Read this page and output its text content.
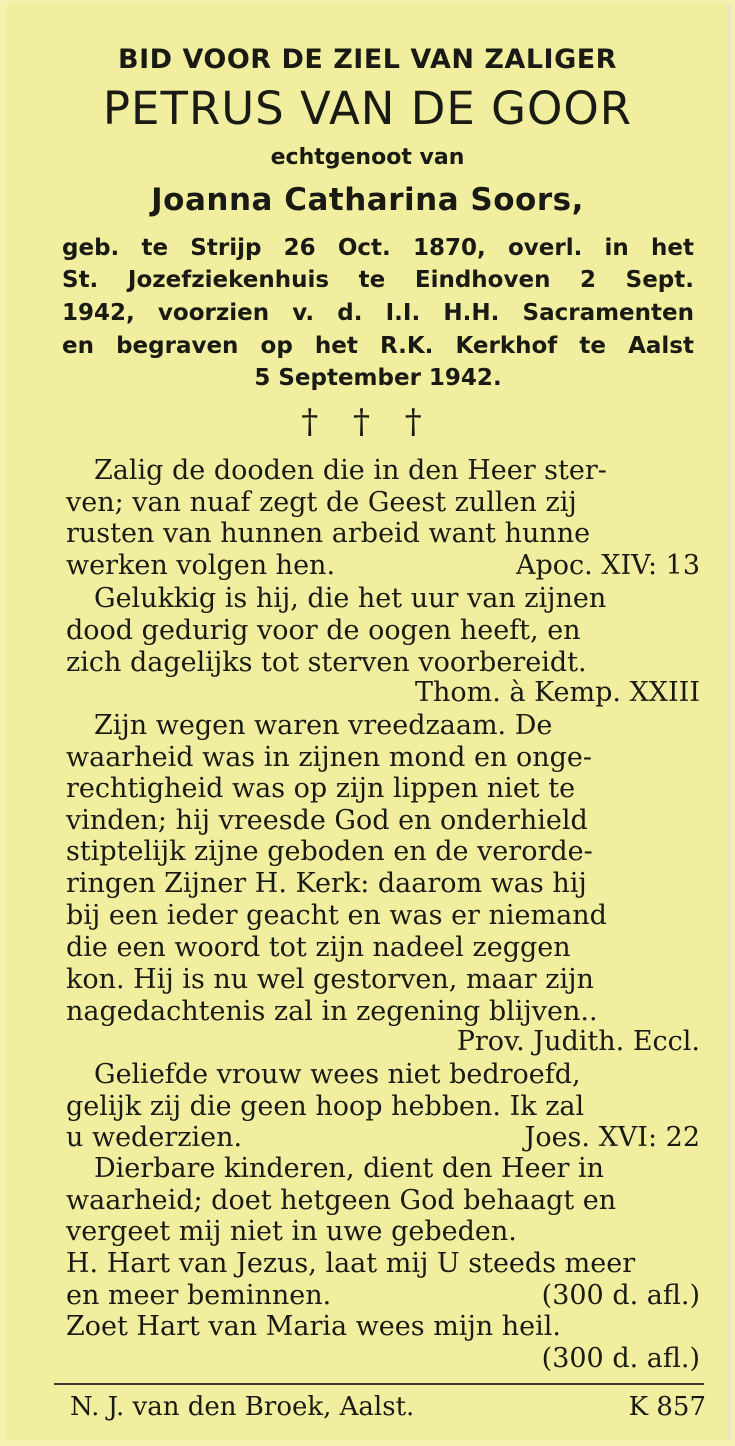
BID VOOR DE ZIEL VAN ZALIGER
PETRUS VAN DE GOOR
echtgenoot van
Joanna Catharina Soors,
geb. te Strijp 26 Oct. 1870, overl. in het
St. Jozefziekenhuis te Eindhoven 2 Sept.
1942, voorzien v. d. I.I. H.H. Sacramenten
en begraven op het R.K. Kerkhof te Aalst
5 September 1942.
† † †
Zalig de dooden die in den Heer ster-
ven; van nuaf zegt de Geest zullen zij
rusten van hunnen arbeid want hunne
werken volgen hen.	Apoc. XIV: 13
Gelukkig is hij, die het uur van zijnen
dood gedurig voor de oogen heeft, en
zich dagelijks tot sterven voorbereidt.
Thom. à Kemp. XXIII
Zijn wegen waren vreedzaam. De
waarheid was in zijnen mond en onge-
rechtigheid was op zijn lippen niet te
vinden; hij vreesde God en onderhield
stiptelijk zijne geboden en de verorde-
ringen Zijner H. Kerk: daarom was hij
bij een ieder geacht en was er niemand
die een woord tot zijn nadeel zeggen
kon. Hij is nu wel gestorven, maar zijn
nagedachtenis zal in zegening blijven..
Prov. Judith. Eccl.
Geliefde vrouw wees niet bedroefd,
gelijk zij die geen hoop hebben. Ik zal
u wederzien.	Joes. XVI: 22
Dierbare kinderen, dient den Heer in
waarheid; doet hetgeen God behaagt en
vergeet mij niet in uwe gebeden.
H. Hart van Jezus, laat mij U steeds meer
en meer beminnen.	(300 d. afl.)
Zoet Hart van Maria wees mijn heil.
(300 d. afl.)
N. J. van den Broek, Aalst.	K 857
